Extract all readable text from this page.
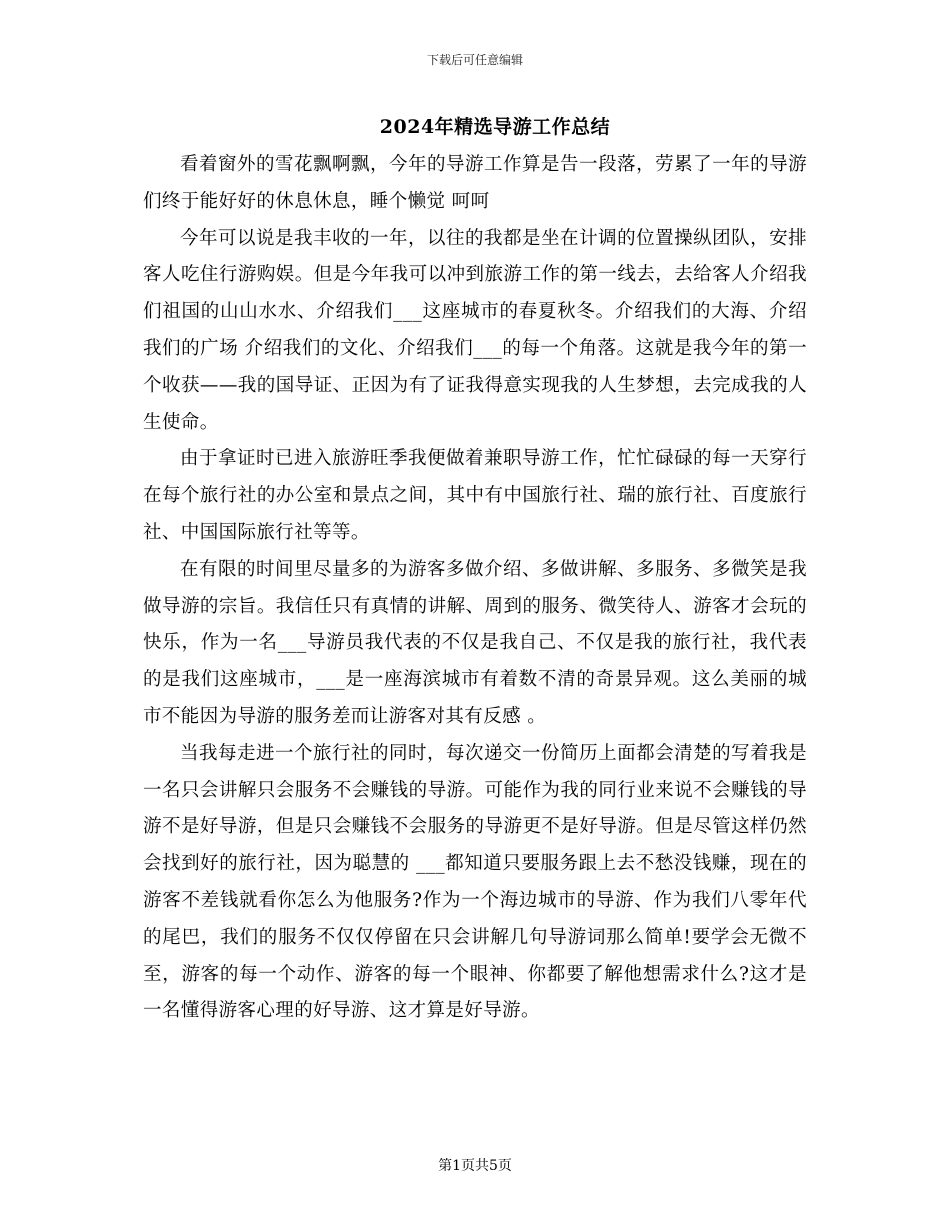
下载后可任意编辑
2024年精选导游工作总结

看着窗外的雪花飘啊飘，今年的导游工作算是告一段落，劳累了一年的导游们终于能好好的休息休息，睡个懒觉 呵呵

今年可以说是我丰收的一年，以往的我都是坐在计调的位置操纵团队，安排客人吃住行游购娱。但是今年我可以冲到旅游工作的第一线去，去给客人介绍我们祖国的山山水水、介绍我们___这座城市的春夏秋冬。介绍我们的大海、介绍我们的广场 介绍我们的文化、介绍我们___的每一个角落。这就是我今年的第一个收获——我的国导证、正因为有了证我得意实现我的人生梦想，去完成我的人生使命。

由于拿证时已进入旅游旺季我便做着兼职导游工作，忙忙碌碌的每一天穿行在每个旅行社的办公室和景点之间，其中有中国旅行社、瑞的旅行社、百度旅行社、中国国际旅行社等等。

在有限的时间里尽量多的为游客多做介绍、多做讲解、多服务、多微笑是我做导游的宗旨。我信任只有真情的讲解、周到的服务、微笑待人、游客才会玩的快乐，作为一名___导游员我代表的不仅是我自己、不仅是我的旅行社，我代表的是我们这座城市，___是一座海滨城市有着数不清的奇景异观。这么美丽的城市不能因为导游的服务差而让游客对其有反感 。

当我每走进一个旅行社的同时，每次递交一份简历上面都会清楚的写着我是一名只会讲解只会服务不会赚钱的导游。可能作为我的同行业来说不会赚钱的导游不是好导游，但是只会赚钱不会服务的导游更不是好导游。但是尽管这样仍然会找到好的旅行社，因为聪慧的 ___都知道只要服务跟上去不愁没钱赚，现在的游客不差钱就看你怎么为他服务?作为一个海边城市的导游、作为我们八零年代的尾巴，我们的服务不仅仅停留在只会讲解几句导游词那么简单!要学会无微不至，游客的每一个动作、游客的每一个眼神、你都要了解他想需求什么?这才是一名懂得游客心理的好导游、这才算是好导游。

第1页共5页
